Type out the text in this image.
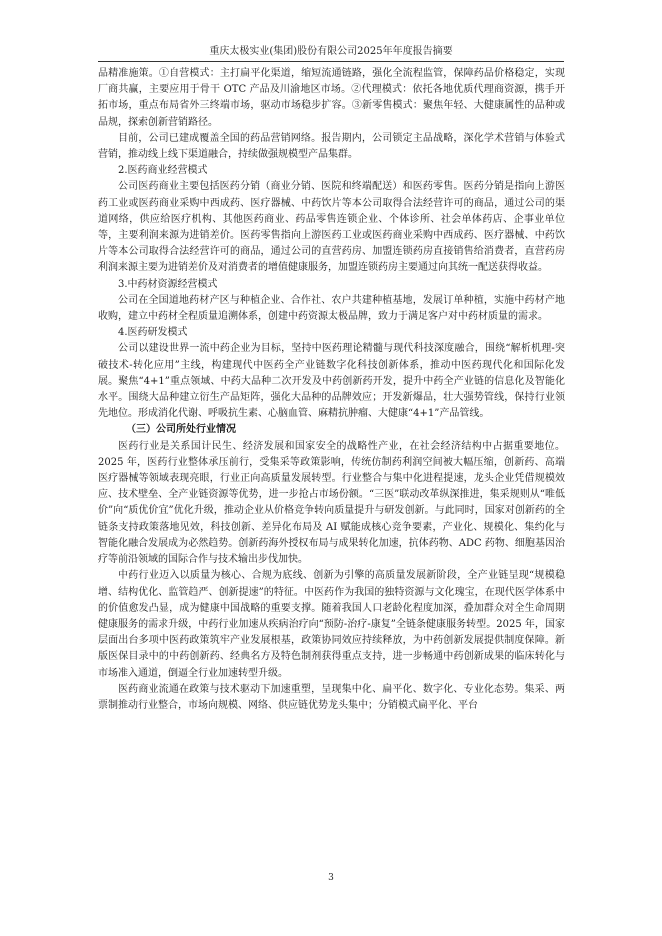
重庆太极实业(集团)股份有限公司2025年年度报告摘要

品精准施策。①自营模式：主打扁平化渠道，缩短流通链路，强化全流程监管，保障药品价格稳定，实现厂商共赢，主要应用于骨干 OTC 产品及川渝地区市场。②代理模式：依托各地优质代理商资源，携手开拓市场，重点布局省外三终端市场，驱动市场稳步扩容。③新零售模式：聚焦年轻、大健康属性的品种或品规，探索创新营销路径。

目前，公司已建成覆盖全国的药品营销网络。报告期内，公司锁定主品战略，深化学术营销与体验式营销，推动线上线下渠道融合，持续做强规模型产品集群。

2.医药商业经营模式

公司医药商业主要包括医药分销（商业分销、医院和终端配送）和医药零售。医药分销是指向上游医药工业或医药商业采购中西成药、医疗器械、中药饮片等本公司取得合法经营许可的商品，通过公司的渠道网络，供应给医疗机构、其他医药商业、药品零售连锁企业、个体诊所、社会单体药店、企事业单位等，主要利润来源为进销差价。医药零售指向上游医药工业或医药商业采购中西成药、医疗器械、中药饮片等本公司取得合法经营许可的商品，通过公司的直营药房、加盟连锁药房直接销售给消费者，直营药房利润来源主要为进销差价及对消费者的增值健康服务，加盟连锁药房主要通过向其统一配送获得收益。

3.中药材资源经营模式

公司在全国道地药材产区与种植企业、合作社、农户共建种植基地，发展订单种植，实施中药材产地收购，建立中药材全程质量追溯体系，创建中药资源太极品牌，致力于满足客户对中药材质量的需求。

4.医药研发模式

公司以建设世界一流中药企业为目标，坚持中医药理论精髓与现代科技深度融合，围绕“解析机理-突破技术-转化应用”主线，构建现代中医药全产业链数字化科技创新体系，推动中医药现代化和国际化发展。聚焦“4+1”重点领域、中药大品种二次开发及中药创新药开发，提升中药全产业链的信息化及智能化水平。围绕大品种建立衍生产品矩阵，强化大品种的品牌效应；开发新爆品，壮大强势管线，保持行业领先地位。形成消化代谢、呼吸抗生素、心脑血管、麻精抗肿瘤、大健康“4+1”产品管线。

（三）公司所处行业情况

医药行业是关系国计民生、经济发展和国家安全的战略性产业，在社会经济结构中占据重要地位。2025 年，医药行业整体承压前行，受集采等政策影响，传统仿制药利润空间被大幅压缩，创新药、高端医疗器械等领域表现亮眼，行业正向高质量发展转型。行业整合与集中化进程提速，龙头企业凭借规模效应、技术壁垒、全产业链资源等优势，进一步抢占市场份额。“三医”联动改革纵深推进，集采规则从“唯低价”向“质优价宜”优化升级，推动企业从价格竞争转向质量提升与研发创新。与此同时，国家对创新药的全链条支持政策落地见效，科技创新、差异化布局及 AI 赋能成核心竞争要素，产业化、规模化、集约化与智能化融合发展成为必然趋势。创新药海外授权布局与成果转化加速，抗体药物、ADC 药物、细胞基因治疗等前沿领域的国际合作与技术输出步伐加快。

中药行业迈入以质量为核心、合规为底线、创新为引擎的高质量发展新阶段，全产业链呈现“规模稳增、结构优化、监管趋严、创新提速”的特征。中医药作为我国的独特资源与文化瑰宝，在现代医学体系中的价值愈发凸显，成为健康中国战略的重要支撑。随着我国人口老龄化程度加深，叠加群众对全生命周期健康服务的需求升级，中药行业加速从疾病治疗向“预防-治疗-康复”全链条健康服务转型。2025 年，国家层面出台多项中医药政策筑牢产业发展根基，政策协同效应持续释放，为中药创新发展提供制度保障。新版医保目录中的中药创新药、经典名方及特色制剂获得重点支持，进一步畅通中药创新成果的临床转化与市场准入通道，倒逼全行业加速转型升级。

医药商业流通在政策与技术驱动下加速重塑，呈现集中化、扁平化、数字化、专业化态势。集采、两票制推动行业整合，市场向规模、网络、供应链优势龙头集中；分销模式扁平化、平台

3
